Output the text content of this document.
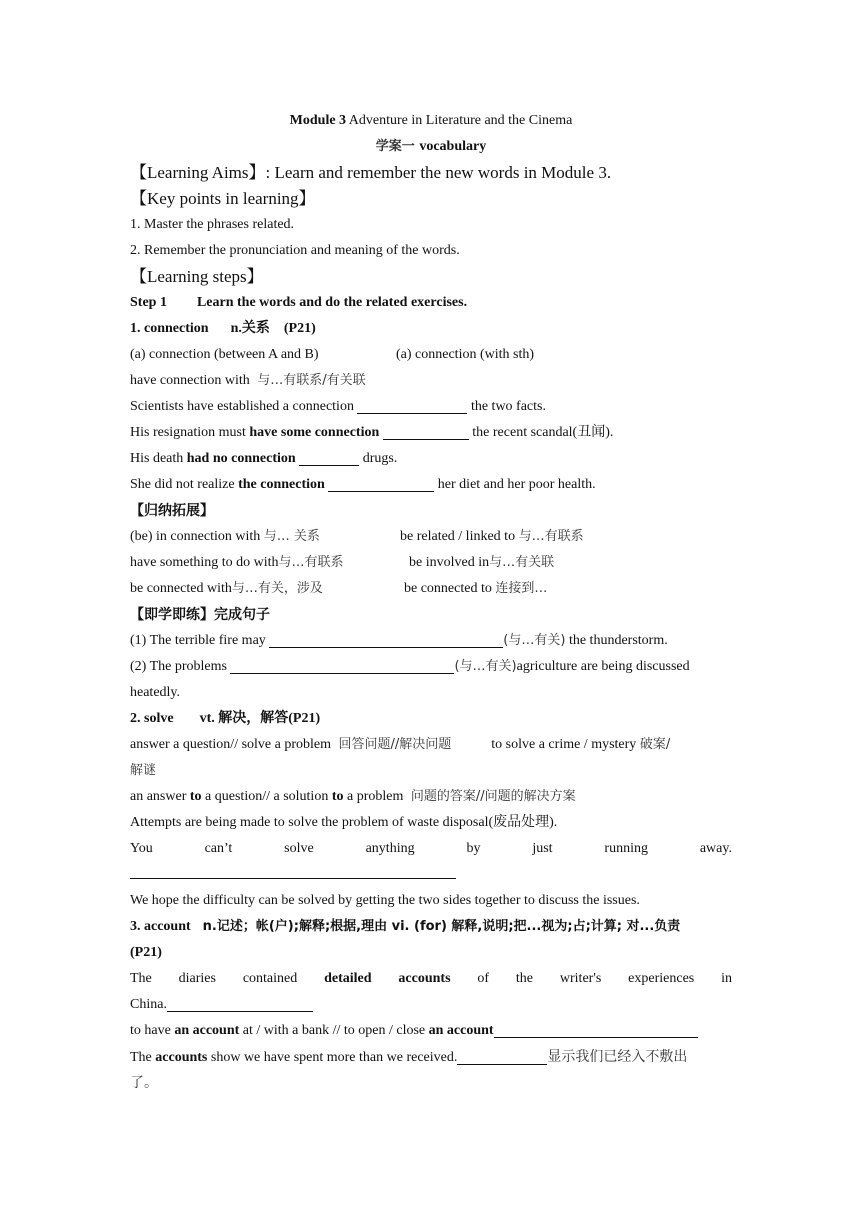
Module 3 Adventure in Literature and the Cinema
学案一 vocabulary
【Learning Aims】: Learn and remember the new words in Module 3.
【Key points in learning】
1. Master the phrases related.
2. Remember the pronunciation and meaning of the words.
【Learning steps】
Step 1 Learn the words and do the related exercises.
1. connection n.关系 (P21)
(a) connection (between A and B)	(a) connection (with sth)
have connection with 与…有联系/有关联
Scientists have established a connection	the two facts.
His resignation must have some connection	the recent scandal(丑闻).
His death had no connection	drugs.
She did not realize the connection	her diet and her poor health.
【归纳拓展】
(be) in connection with 与… 关系	be related / linked to 与…有联系
have something to do with与…有联系	be involved in与…有关联
be connected with与…有关，涉及	be connected to 连接到…
【即学即练】完成句子
(1) The terrible fire may	(与…有关) the thunderstorm.
(2) The problems	(与…有关)agriculture are being discussed
heatedly.
2. solve vt. 解决，解答(P21)
answer a question// solve a problem 回答问题//解决问题	to solve a crime / mystery 破案/
解谜
an answer to a question// a solution to a problem 问题的答案//问题的解决方案
Attempts are being made to solve the problem of waste disposal(废品处理).
You	can’t	solve	anything	by	just	running	away.
We hope the difficulty can be solved by getting the two sides together to discuss the issues.
3. account n.记述；帐(户);解释;根据,理由 vi. (for) 解释,说明;把...视为;占;计算; 对...负责
(P21)
The diaries contained detailed accounts of the writer's experiences in
China.
to have an account at / with a bank // to open / close an account
The accounts show we have spent more than we received.	显示我们已经入不敷出
了。
